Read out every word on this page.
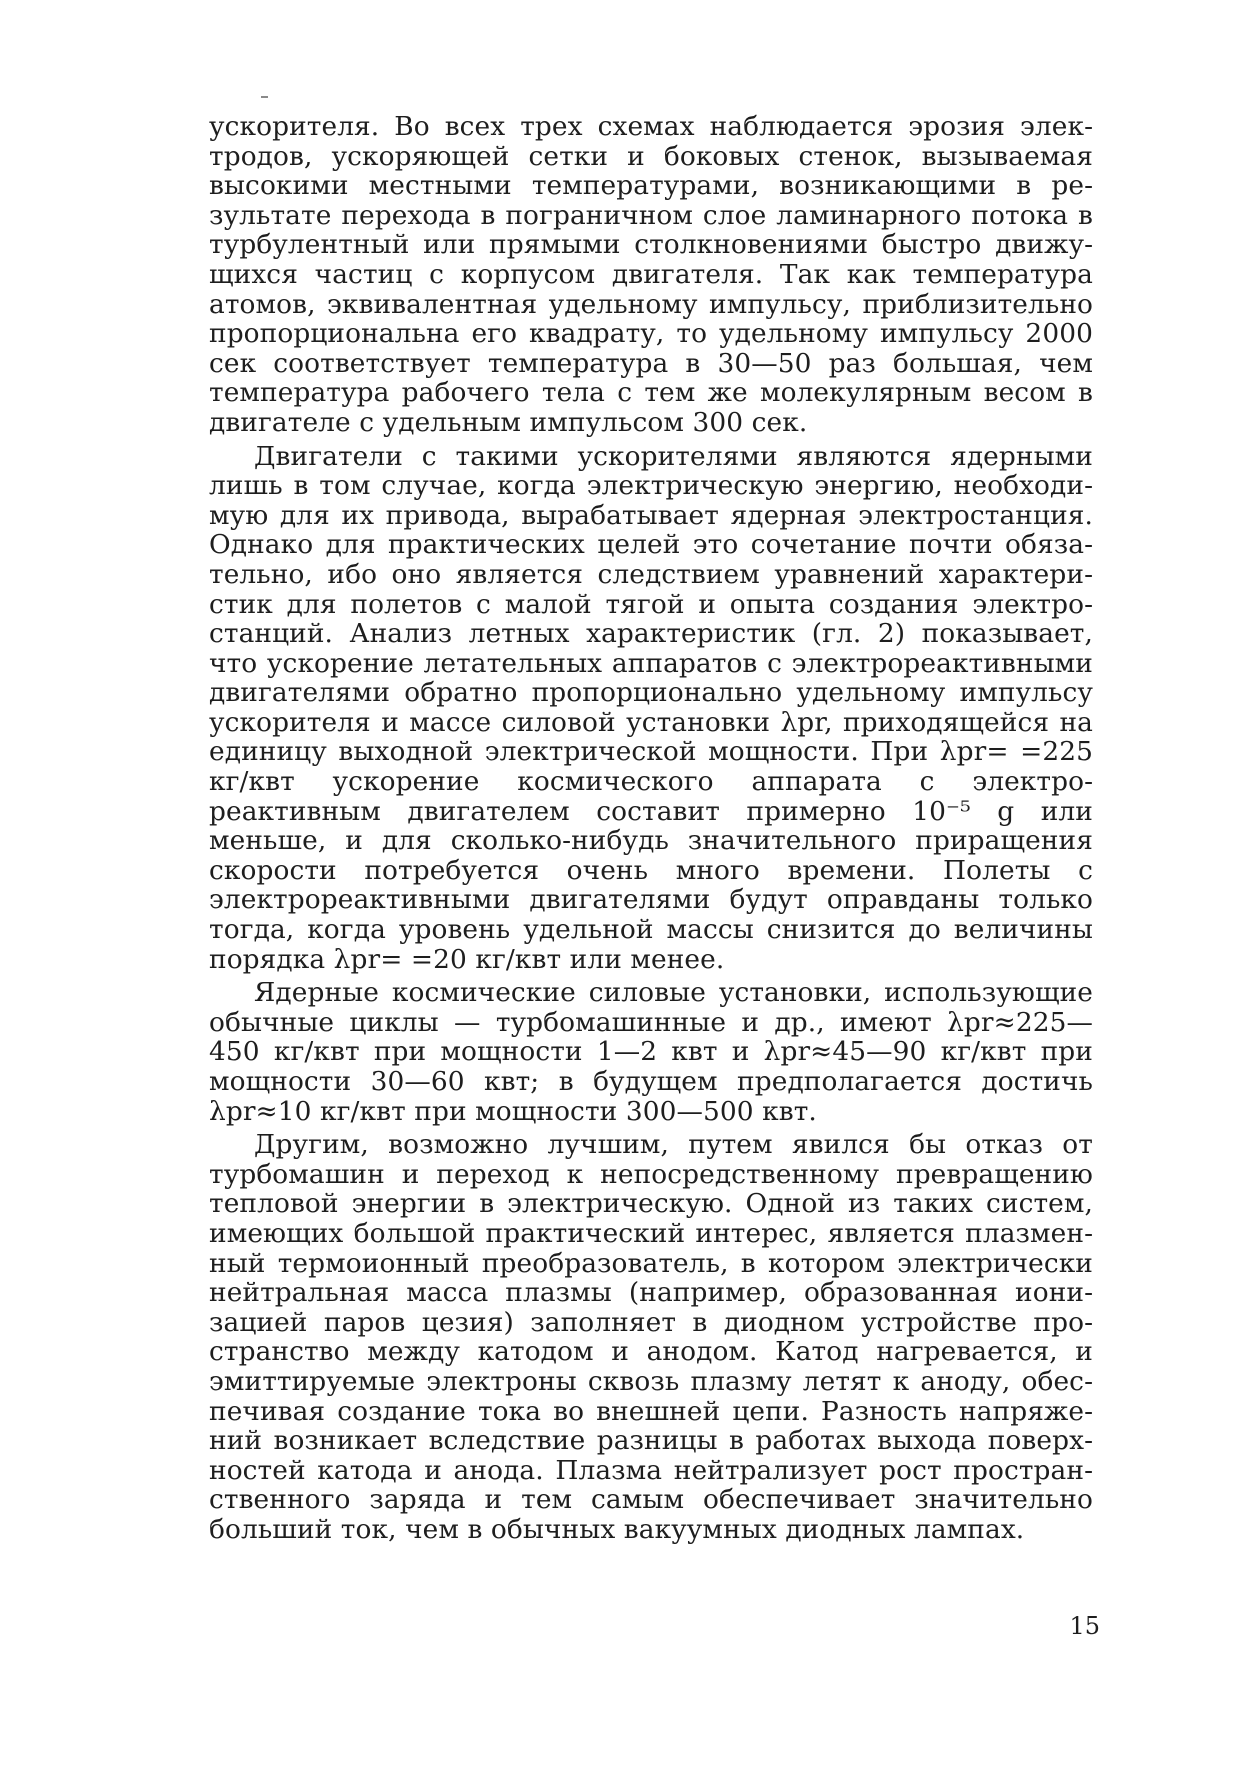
ускорителя. Во всех трех схемах наблюдается эрозия электродов, ускоряющей сетки и боковых стенок, вызываемая высокими местными температурами, возникающими в результате перехода в пограничном слое ламинарного потока в турбулентный или прямыми столкновениями быстро движущихся частиц с корпусом двигателя. Так как температура атомов, эквивалентная удельному импульсу, приблизительно пропорциональна его квадрату, то удельному импульсу 2000 сек соответствует температура в 30—50 раз большая, чем температура рабочего тела с тем же молекулярным весом в двигателе с удельным импульсом 300 сек.

Двигатели с такими ускорителями являются ядерными лишь в том случае, когда электрическую энергию, необходимую для их привода, вырабатывает ядерная электростанция. Однако для практических целей это сочетание почти обязательно, ибо оно является следствием уравнений характеристик для полетов с малой тягой и опыта создания электростанций. Анализ летных характеристик (гл. 2) показывает, что ускорение летательных аппаратов с электрореактивными двигателями обратно пропорционально удельному импульсу ускорителя и массе силовой установки λpr, приходящейся на единицу выходной электрической мощности. При λpr= =225 кг/квт ускорение космического аппарата с электрореактивным двигателем составит примерно 10⁻⁵ g или меньше, и для сколько-нибудь значительного приращения скорости потребуется очень много времени. Полеты с электрореактивными двигателями будут оправданы только тогда, когда уровень удельной массы снизится до величины порядка λpr= =20 кг/квт или менее.

Ядерные космические силовые установки, использующие обычные циклы — турбомашинные и др., имеют λpr≈225— 450 кг/квт при мощности 1—2 квт и λpr≈45—90 кг/квт при мощности 30—60 квт; в будущем предполагается достичь λpr≈10 кг/квт при мощности 300—500 квт.

Другим, возможно лучшим, путем явился бы отказ от турбомашин и переход к непосредственному превращению тепловой энергии в электрическую. Одной из таких систем, имеющих большой практический интерес, является плазменный термоионный преобразователь, в котором электрически нейтральная масса плазмы (например, образованная ионизацией паров цезия) заполняет в диодном устройстве пространство между катодом и анодом. Катод нагревается, и эмиттируемые электроны сквозь плазму летят к аноду, обеспечивая создание тока во внешней цепи. Разность напряжений возникает вследствие разницы в работах выхода поверхностей катода и анода. Плазма нейтрализует рост пространственного заряда и тем самым обеспечивает значительно больший ток, чем в обычных вакуумных диодных лампах.

15
